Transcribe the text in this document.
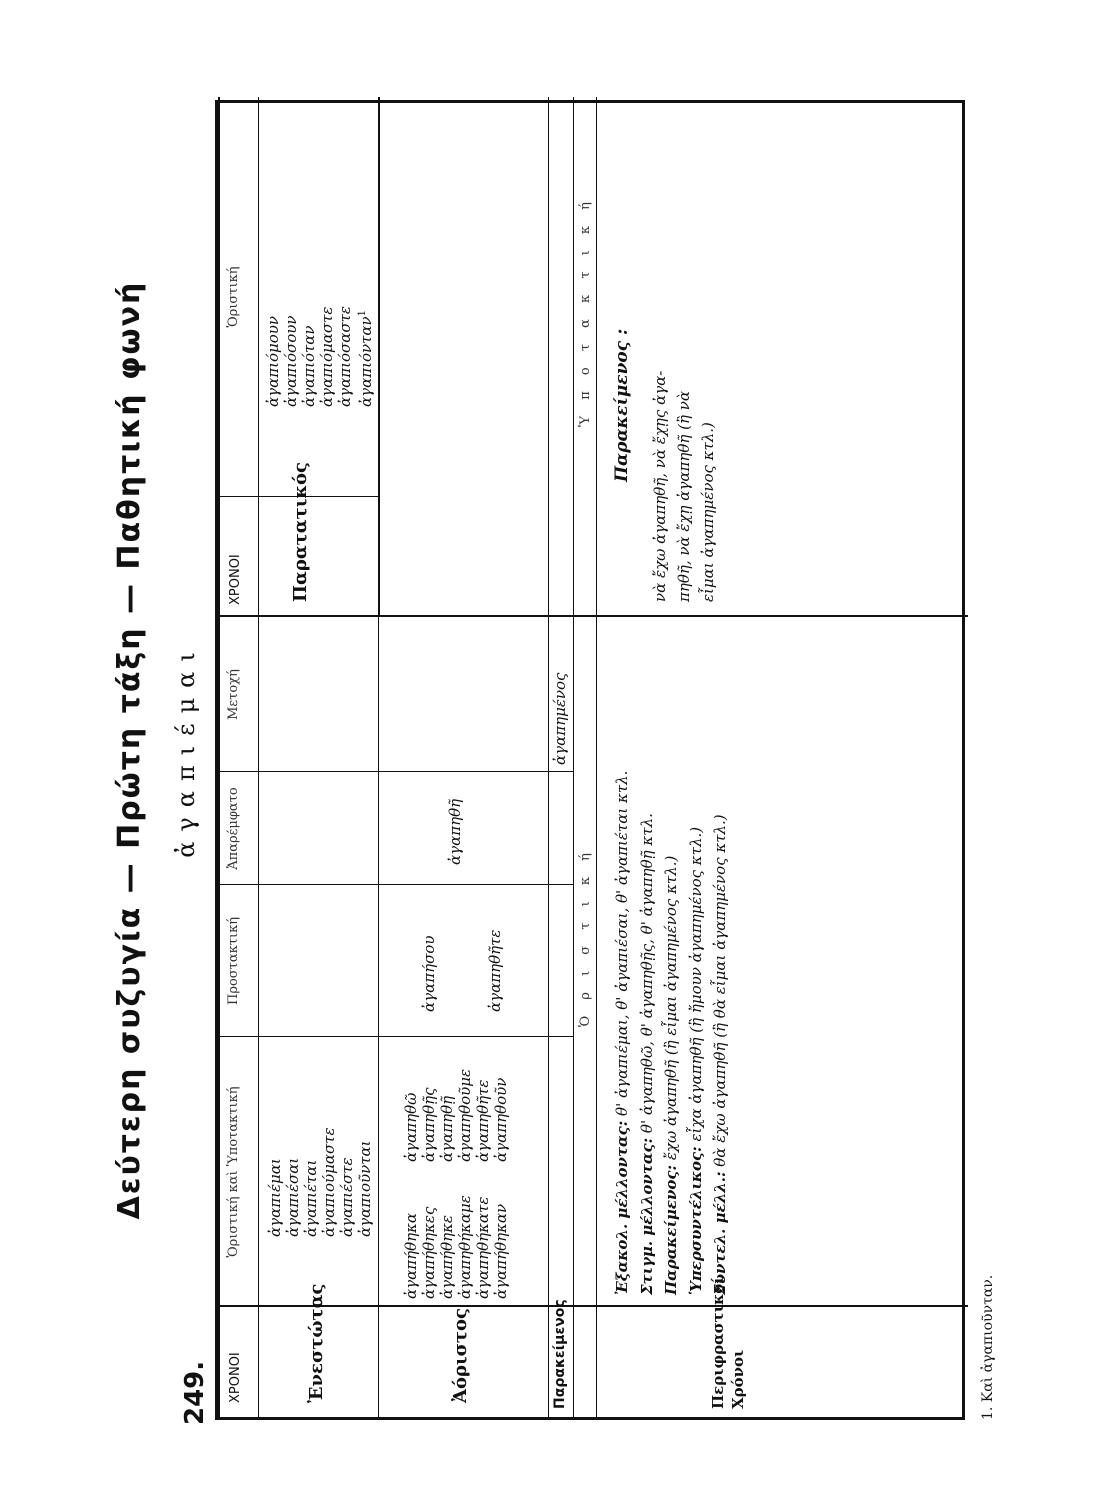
249.
Δεύτερη συζυγία — Πρώτη τάξη — Παθητική φωνή ἀγαπιέμαι
ΧΡΟΝΟΙ
Ὁριστική καὶ Ὑποτακτική
Προστακτική
Ἀπαρέμφατο
Μετοχή
ΧΡΟΝΟΙ
Ὁριστική
Ἐνεστώτας
ἀγαπιέμαι ἀγαπιέσαι ἀγαπιέται ἀγαπιούμαστε ἀγαπιέστε ἀγαπιοῦνται
Ἀόριστος
ἀγαπήθηκα ἀγαπήθηκες ἀγαπήθηκε ἀγαπηθήκαμε ἀγαπηθήκατε ἀγαπήθηκαν
ἀγαπηθῶ ἀγαπηθῇς ἀγαπηθῇ ἀγαπηθοῦμε ἀγαπηθῆτε ἀγαπηθοῦν
ἀγαπήσου	ἀγαπηθῆτε
ἀγαπηθῆ
Παρακείμενος
ἀγαπημένος
Περιφραστικοί Χρόνοι
Ὁ ρ ι σ τ ι κ ή
Ὑ π ο τ α κ τ ι κ ή
Ἐξακολ. μέλλοντας: θ' ἀγαπιέμαι, θ' ἀγαπιέσαι, θ' ἀγαπιέται κτλ.
Στιγμ. μέλλοντας: θ' ἀγαπηθῶ, θ' ἀγαπηθῇς, θ' ἀγαπηθῇ κτλ.
Παρακείμενος: ἔχω ἀγαπηθῆ (ἢ εἶμαι ἀγαπημένος κτλ.)
Ὑπερσυντέλικος: εἶχα ἀγαπηθῆ (ἢ ἤμουν ἀγαπημένος κτλ.)
Συντελ. μέλλ.: θὰ ἔχω ἀγαπηθῆ (ἢ θὰ εἶμαι ἀγαπημένος κτλ.)
Παρακείμενος : νὰ ἔχω ἀγαπηθῆ, νὰ ἔχῃς ἀγα- πηθῆ, νὰ ἔχῃ ἀγαπηθῆ (ἢ νὰ εἶμαι ἀγαπημένος κτλ.)
Παρατατικός
ἀγαπιόμουν ἀγαπιόσουν ἀγαπιόταν ἀγαπιόμαστε ἀγαπιόσαστε ἀγαπιόνταν$^1$
1. Καὶ ἀγαπιοῦνταν.
